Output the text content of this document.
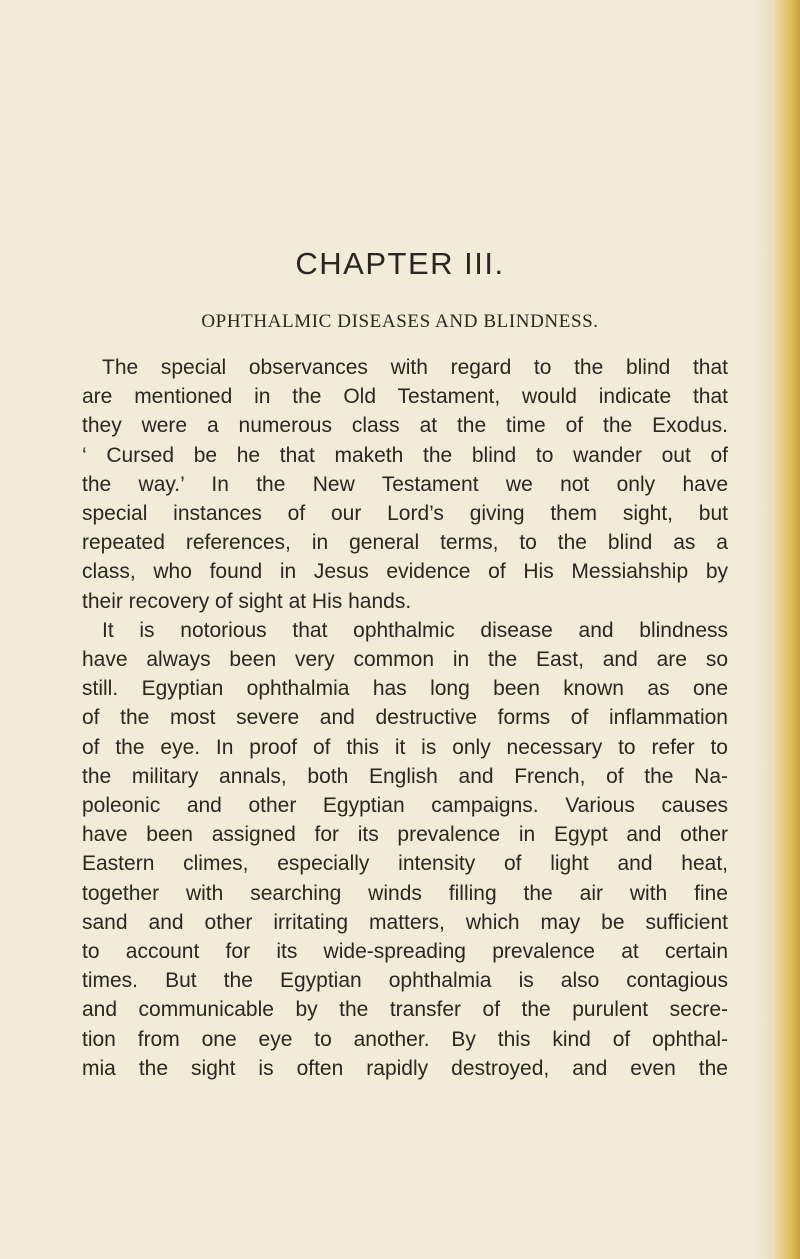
CHAPTER III.
OPHTHALMIC DISEASES AND BLINDNESS.
The special observances with regard to the blind that
are mentioned in the Old Testament, would indicate that
they were a numerous class at the time of the Exodus.
‘ Cursed be he that maketh the blind to wander out of
the way.’ In the New Testament we not only have
special instances of our Lord’s giving them sight, but
repeated references, in general terms, to the blind as a
class, who found in Jesus evidence of His Messiahship by
their recovery of sight at His hands.
It is notorious that ophthalmic disease and blindness
have always been very common in the East, and are so
still. Egyptian ophthalmia has long been known as one
of the most severe and destructive forms of inflammation
of the eye. In proof of this it is only necessary to refer to
the military annals, both English and French, of the Na-
poleonic and other Egyptian campaigns. Various causes
have been assigned for its prevalence in Egypt and other
Eastern climes, especially intensity of light and heat,
together with searching winds filling the air with fine
sand and other irritating matters, which may be sufficient
to account for its wide-spreading prevalence at certain
times. But the Egyptian ophthalmia is also contagious
and communicable by the transfer of the purulent secre-
tion from one eye to another. By this kind of ophthal-
mia the sight is often rapidly destroyed, and even the
